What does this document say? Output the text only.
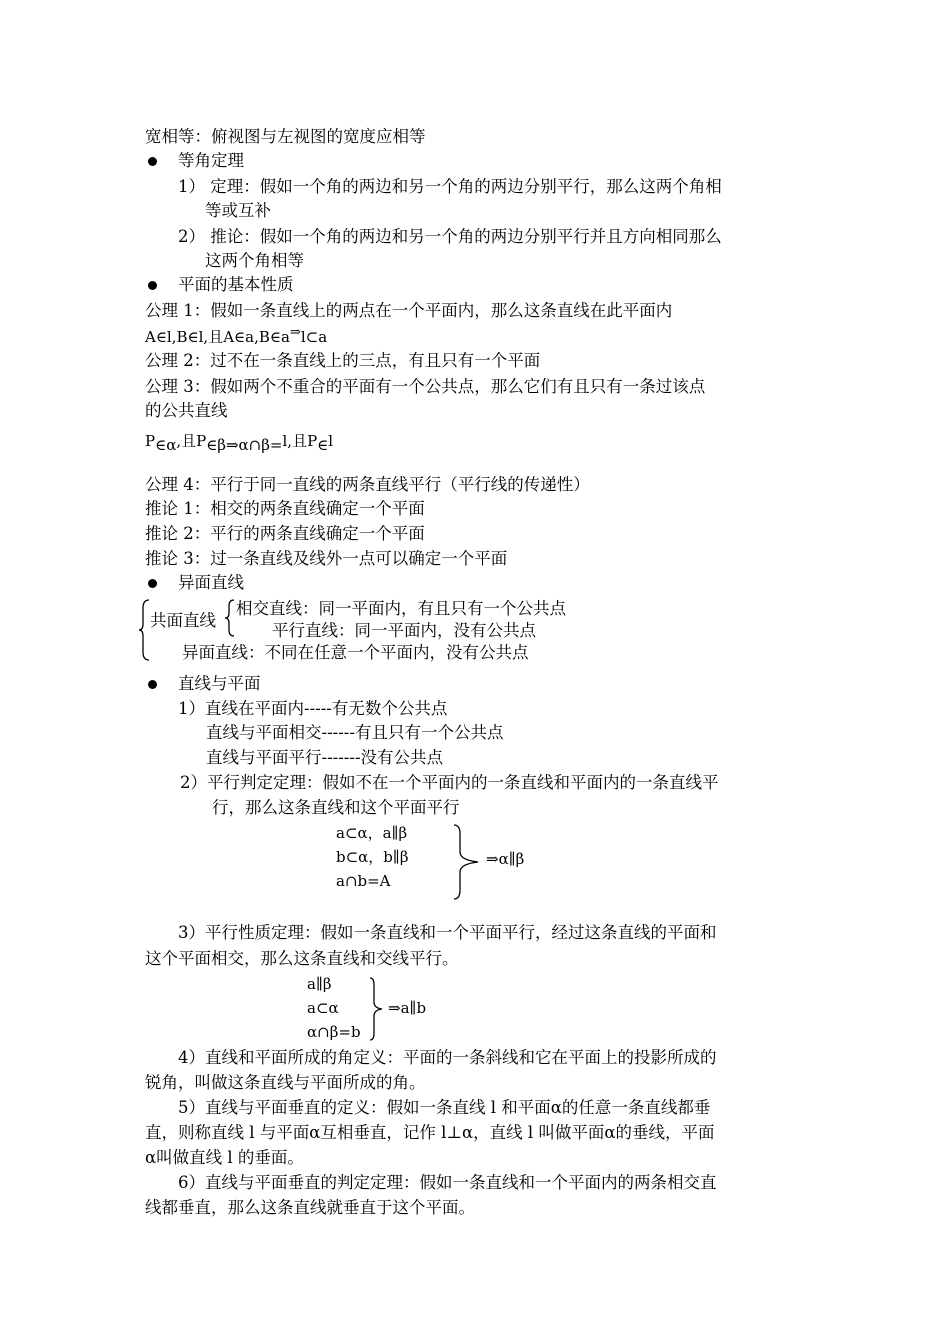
宽相等：俯视图与左视图的宽度应相等
等角定理
1） 定理：假如一个角的两边和另一个角的两边分别平行，那么这两个角相
等或互补
2） 推论：假如一个角的两边和另一个角的两边分别平行并且方向相同那么
这两个角相等
平面的基本性质
公理 1：假如一条直线上的两点在一个平面内，那么这条直线在此平面内
A∈l,B∈l,且A∈a,B∈a⇒l⊂a
公理 2：过不在一条直线上的三点，有且只有一个平面
公理 3：假如两个不重合的平面有一个公共点，那么它们有且只有一条过该点
的公共直线
P∈α,且P∈β⇒α∩β=l,且P∈l
公理 4：平行于同一直线的两条直线平行（平行线的传递性）
推论 1：相交的两条直线确定一个平面
推论 2：平行的两条直线确定一个平面
推论 3：过一条直线及线外一点可以确定一个平面
异面直线
共面直线
相交直线：同一平面内，有且只有一个公共点
平行直线：同一平面内，没有公共点
异面直线：不同在任意一个平面内，没有公共点
直线与平面
1）直线在平面内-----有无数个公共点
直线与平面相交------有且只有一个公共点
直线与平面平行-------没有公共点
2）平行判定定理：假如不在一个平面内的一条直线和平面内的一条直线平
行，那么这条直线和这个平面平行
a⊂α，a∥β
b⊂α，b∥β
a∩b=A
⇒α∥β
3）平行性质定理：假如一条直线和一个平面平行，经过这条直线的平面和
这个平面相交，那么这条直线和交线平行。
a∥β
a⊂α
α∩β=b
⇒a∥b
4）直线和平面所成的角定义：平面的一条斜线和它在平面上的投影所成的
锐角，叫做这条直线与平面所成的角。
5）直线与平面垂直的定义：假如一条直线 l 和平面α的任意一条直线都垂
直，则称直线 l 与平面α互相垂直，记作 l⊥α，直线 l 叫做平面α的垂线，平面
α叫做直线 l 的垂面。
6）直线与平面垂直的判定定理：假如一条直线和一个平面内的两条相交直
线都垂直，那么这条直线就垂直于这个平面。
